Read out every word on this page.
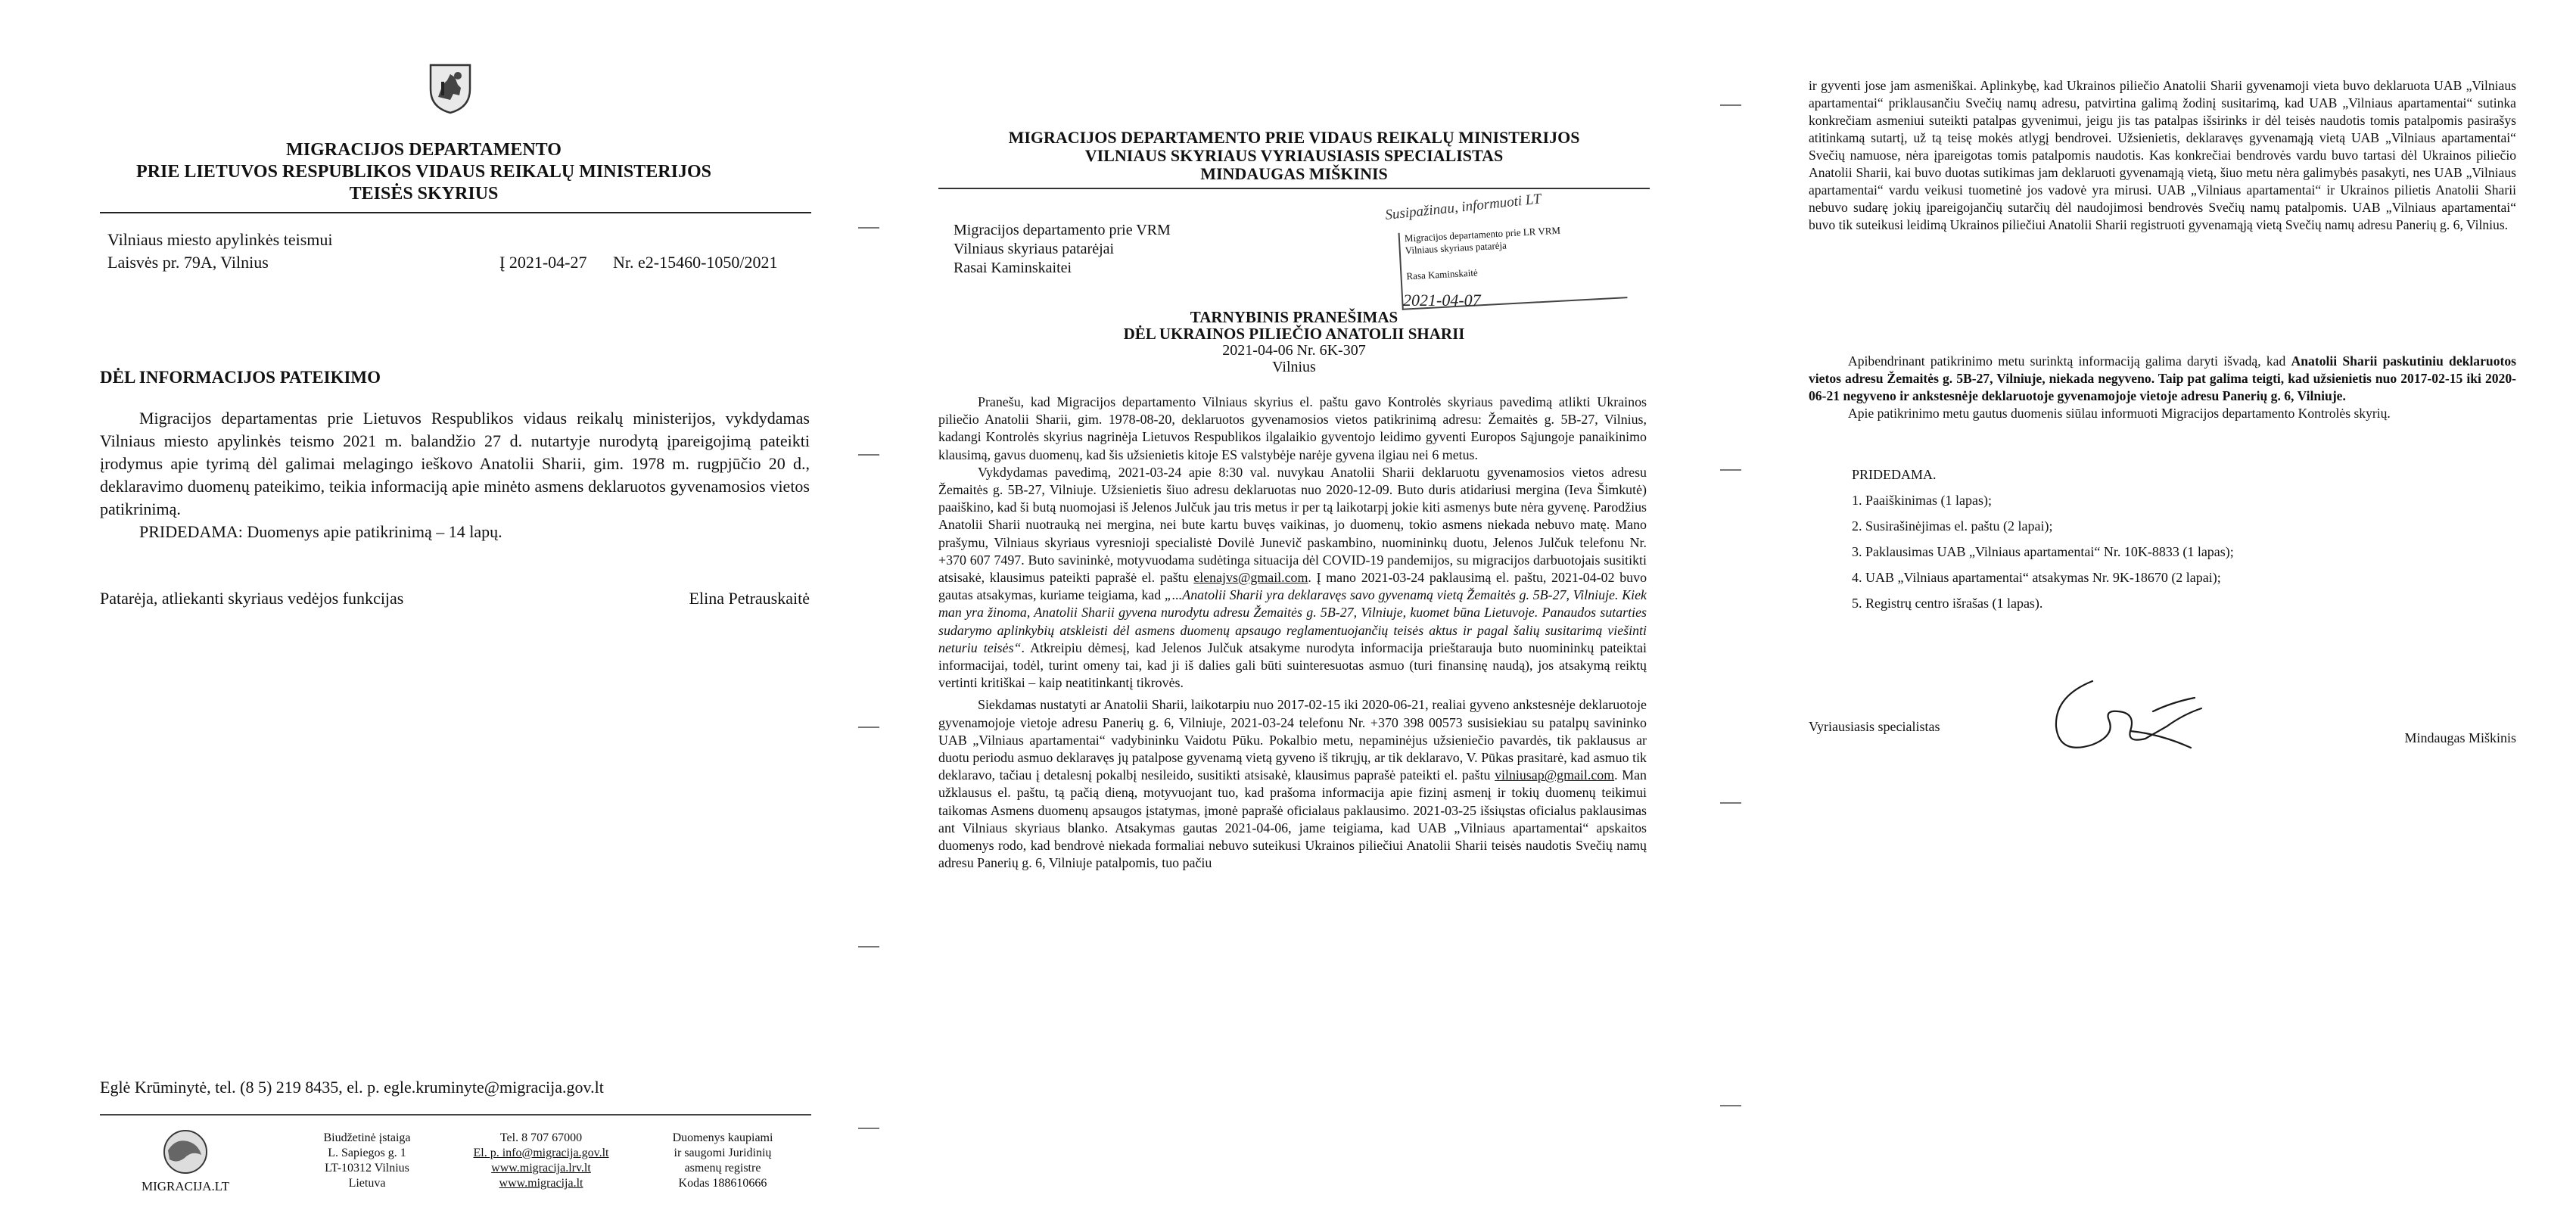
MIGRACIJOS DEPARTAMENTO
PRIE LIETUVOS RESPUBLIKOS VIDAUS REIKALŲ MINISTERIJOS
TEISĖS SKYRIUS
Vilniaus miesto apylinkės teismui
Laisvės pr. 79A, Vilnius	Į 2021-04-27	Nr. e2-15460-1050/2021
DĖL INFORMACIJOS PATEIKIMO

Migracijos departamentas prie Lietuvos Respublikos vidaus reikalų ministerijos, vykdydamas Vilniaus miesto apylinkės teismo 2021 m. balandžio 27 d. nutartyje nurodytą įpareigojimą pateikti įrodymus apie tyrimą dėl galimai melagingo ieškovo Anatolii Sharii, gim. 1978 m. rugpjūčio 20 d., deklaravimo duomenų pateikimo, teikia informaciją apie minėto asmens deklaruotos gyvenamosios vietos patikrinimą.

PRIDEDAMA: Duomenys apie patikrinimą – 14 lapų.

Patarėja, atliekanti skyriaus vedėjos funkcijas	Elina Petrauskaitė
Eglė Krūminytė, tel. (8 5) 219 8435, el. p. egle.kruminyte@migracija.gov.lt
MIGRACIJA.LT
Biudžetinė įstaiga
L. Sapiegos g. 1
LT-10312 Vilnius
Lietuva
Tel. 8 707 67000
El. p. info@migracija.gov.lt
www.migracija.lrv.lt
www.migracija.lt
Duomenys kaupiami
ir saugomi Juridinių
asmenų registre
Kodas 188610666
MIGRACIJOS DEPARTAMENTO PRIE VIDAUS REIKALŲ MINISTERIJOS
VILNIAUS SKYRIAUS VYRIAUSIASIS SPECIALISTAS
MINDAUGAS MIŠKINIS
Migracijos departamento prie VRM
Vilniaus skyriaus patarėjai
Rasai Kaminskaitei
Susipažinau, informuoti LT
Migracijos departamento prie LR VRM
Vilniaus skyriaus patarėja
Rasa Kaminskaitė
2021-04-07
TARNYBINIS PRANEŠIMAS
DĖL UKRAINOS PILIEČIO ANATOLII SHARII
2021-04-06 Nr. 6K-307
Vilnius

Pranešu, kad Migracijos departamento Vilniaus skyrius el. paštu gavo Kontrolės skyriaus pavedimą atlikti Ukrainos piliečio Anatolii Sharii, gim. 1978-08-20, deklaruotos gyvenamosios vietos patikrinimą adresu: Žemaitės g. 5B-27, Vilnius, kadangi Kontrolės skyrius nagrinėja Lietuvos Respublikos ilgalaikio gyventojo leidimo gyventi Europos Sąjungoje panaikinimo klausimą, gavus duomenų, kad šis užsienietis kitoje ES valstybėje narėje gyvena ilgiau nei 6 metus.

Vykdydamas pavedimą, 2021-03-24 apie 8:30 val. nuvykau Anatolii Sharii deklaruotu gyvenamosios vietos adresu Žemaitės g. 5B-27, Vilniuje. Užsienietis šiuo adresu deklaruotas nuo 2020-12-09. Buto duris atidariusi mergina (Ieva Šimkutė) paaiškino, kad ši butą nuomojasi iš Jelenos Julčuk jau tris metus ir per tą laikotarpį jokie kiti asmenys bute nėra gyvenę. Parodžius Anatolii Sharii nuotrauką nei mergina, nei bute kartu buvęs vaikinas, jo duomenų, tokio asmens niekada nebuvo matę. Mano prašymu, Vilniaus skyriaus vyresnioji specialistė Dovilė Junevič paskambino, nuomininkų duotu, Jelenos Julčuk telefonu Nr. +370 607 7497. Buto savininkė, motyvuodama sudėtinga situacija dėl COVID-19 pandemijos, su migracijos darbuotojais susitikti atsisakė, klausimus pateikti paprašė el. paštu elenajvs@gmail.com. Į mano 2021-03-24 paklausimą el. paštu, 2021-04-02 buvo gautas atsakymas, kuriame teigiama, kad „...Anatolii Sharii yra deklaravęs savo gyvenamą vietą Žemaitės g. 5B-27, Vilniuje. Kiek man yra žinoma, Anatolii Sharii gyvena nurodytu adresu Žemaitės g. 5B-27, Vilniuje, kuomet būna Lietuvoje. Panaudos sutarties sudarymo aplinkybių atskleisti dėl asmens duomenų apsaugo reglamentuojančių teisės aktus ir pagal šalių susitarimą viešinti neturiu teisės“. Atkreipiu dėmesį, kad Jelenos Julčuk atsakyme nurodyta informacija prieštarauja buto nuomininkų pateiktai informacijai, todėl, turint omeny tai, kad ji iš dalies gali būti suinteresuotas asmuo (turi finansinę naudą), jos atsakymą reiktų vertinti kritiškai – kaip neatitinkantį tikrovės.

Siekdamas nustatyti ar Anatolii Sharii, laikotarpiu nuo 2017-02-15 iki 2020-06-21, realiai gyveno ankstesnėje deklaruotoje gyvenamojoje vietoje adresu Panerių g. 6, Vilniuje, 2021-03-24 telefonu Nr. +370 398 00573 susisiekiau su patalpų savininko UAB „Vilniaus apartamentai“ vadybininku Vaidotu Pūku. Pokalbio metu, nepaminėjus užsieniečio pavardės, tik paklausus ar duotu periodu asmuo deklaravęs jų patalpose gyvenamą vietą gyveno iš tikrųjų, ar tik deklaravo, V. Pūkas prasitarė, kad asmuo tik deklaravo, tačiau į detalesnį pokalbį nesileido, susitikti atsisakė, klausimus paprašė pateikti el. paštu vilniusap@gmail.com. Man užklausus el. paštu, tą pačią dieną, motyvuojant tuo, kad prašoma informacija apie fizinį asmenį ir tokių duomenų teikimui taikomas Asmens duomenų apsaugos įstatymas, įmonė paprašė oficialaus paklausimo. 2021-03-25 išsiųstas oficialus paklausimas ant Vilniaus skyriaus blanko. Atsakymas gautas 2021-04-06, jame teigiama, kad UAB „Vilniaus apartamentai“ apskaitos duomenys rodo, kad bendrovė niekada formaliai nebuvo suteikusi Ukrainos piliečiui Anatolii Sharii teisės naudotis Svečių namų adresu Panerių g. 6, Vilniuje patalpomis, tuo pačiu

ir gyventi jose jam asmeniškai. Aplinkybę, kad Ukrainos piliečio Anatolii Sharii gyvenamoji vieta buvo deklaruota UAB „Vilniaus apartamentai“ priklausančiu Svečių namų adresu, patvirtina galimą žodinį susitarimą, kad UAB „Vilniaus apartamentai“ sutinka konkrečiam asmeniui suteikti patalpas gyvenimui, jeigu jis tas patalpas išsirinks ir dėl teisės naudotis tomis patalpomis pasirašys atitinkamą sutartį, už tą teisę mokės atlygį bendrovei. Užsienietis, deklaravęs gyvenamąją vietą UAB „Vilniaus apartamentai“ Svečių namuose, nėra įpareigotas tomis patalpomis naudotis. Kas konkrečiai bendrovės vardu buvo tartasi dėl Ukrainos piliečio Anatolii Sharii, kai buvo duotas sutikimas jam deklaruoti gyvenamąją vietą, šiuo metu nėra galimybės pasakyti, nes UAB „Vilniaus apartamentai“ vardu veikusi tuometinė jos vadovė yra mirusi. UAB „Vilniaus apartamentai“ ir Ukrainos pilietis Anatolii Sharii nebuvo sudarę jokių įpareigojančių sutarčių dėl naudojimosi bendrovės Svečių namų patalpomis. UAB „Vilniaus apartamentai“ buvo tik suteikusi leidimą Ukrainos piliečiui Anatolii Sharii registruoti gyvenamąją vietą Svečių namų adresu Panerių g. 6, Vilnius.

Apibendrinant patikrinimo metu surinktą informaciją galima daryti išvadą, kad Anatolii Sharii paskutiniu deklaruotos vietos adresu Žemaitės g. 5B-27, Vilniuje, niekada negyveno. Taip pat galima teigti, kad užsienietis nuo 2017-02-15 iki 2020-06-21 negyveno ir ankstesnėje deklaruotoje gyvenamojoje vietoje adresu Panerių g. 6, Vilniuje.

Apie patikrinimo metu gautus duomenis siūlau informuoti Migracijos departamento Kontrolės skyrių.

PRIDEDAMA.
1. Paaiškinimas (1 lapas);
2. Susirašinėjimas el. paštu (2 lapai);
3. Paklausimas UAB „Vilniaus apartamentai“ Nr. 10K-8833 (1 lapas);
4. UAB „Vilniaus apartamentai“ atsakymas Nr. 9K-18670 (2 lapai);
5. Registrų centro išrašas (1 lapas).
Vyriausiasis specialistas
Mindaugas Miškinis
